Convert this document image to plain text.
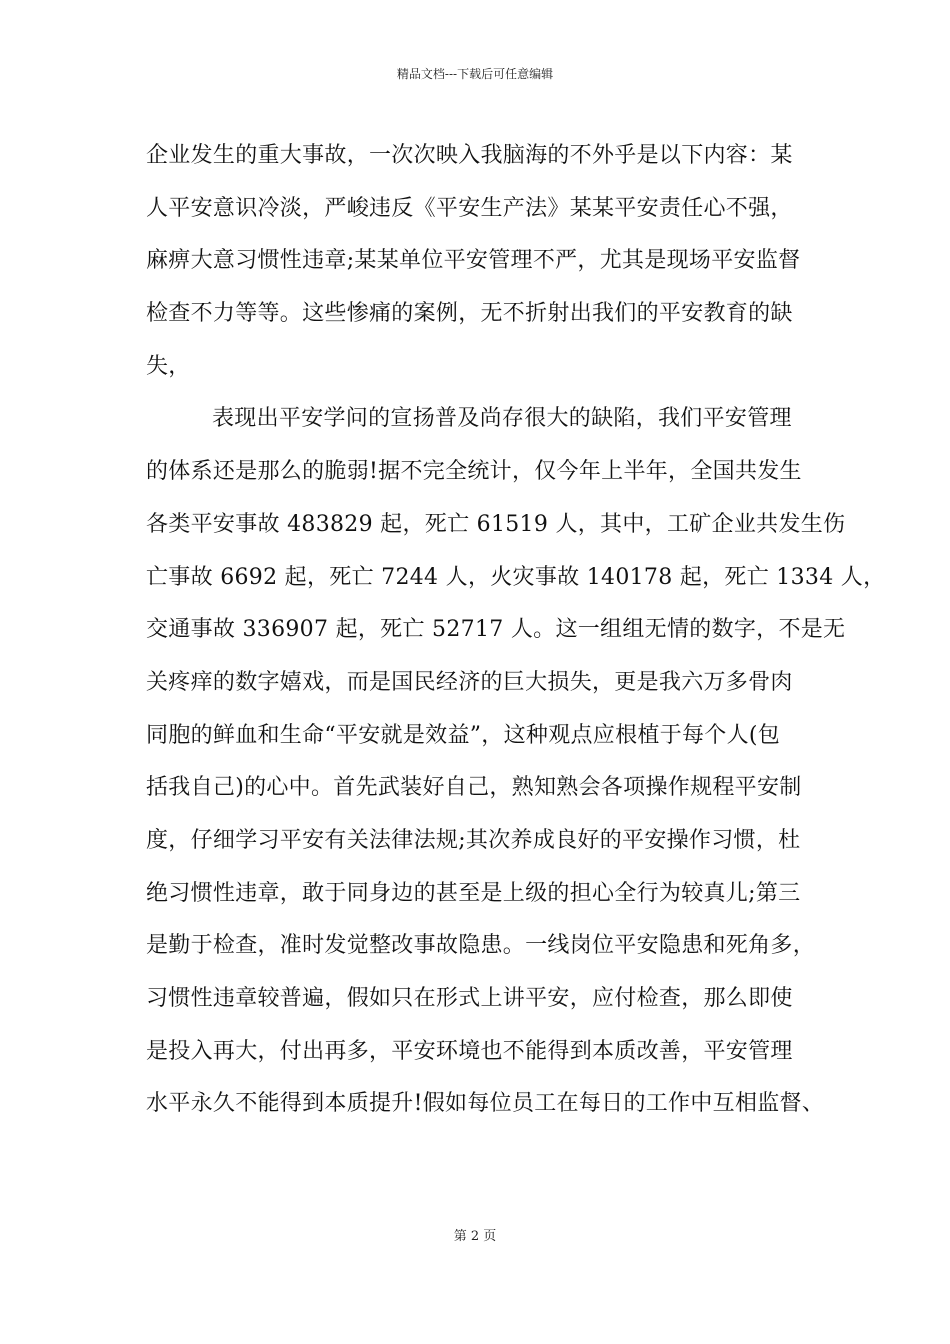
精品文档---下载后可任意编辑
企业发生的重大事故，一次次映入我脑海的不外乎是以下内容：某
人平安意识冷淡，严峻违反《平安生产法》某某平安责任心不强，
麻痹大意习惯性违章;某某单位平安管理不严，尤其是现场平安监督
检查不力等等。这些惨痛的案例，无不折射出我们的平安教育的缺
失，
表现出平安学问的宣扬普及尚存很大的缺陷，我们平安管理
的体系还是那么的脆弱!据不完全统计，仅今年上半年，全国共发生
各类平安事故 483829 起，死亡 61519 人，其中，工矿企业共发生伤
亡事故 6692 起，死亡 7244 人，火灾事故 140178 起，死亡 1334 人，
交通事故 336907 起，死亡 52717 人。这一组组无情的数字，不是无
关疼痒的数字嬉戏，而是国民经济的巨大损失，更是我六万多骨肉
同胞的鲜血和生命“平安就是效益”，这种观点应根植于每个人(包
括我自己)的心中。首先武装好自己，熟知熟会各项操作规程平安制
度，仔细学习平安有关法律法规;其次养成良好的平安操作习惯，杜
绝习惯性违章，敢于同身边的甚至是上级的担心全行为较真儿;第三
是勤于检查，准时发觉整改事故隐患。一线岗位平安隐患和死角多，
习惯性违章较普遍，假如只在形式上讲平安，应付检查，那么即使
是投入再大，付出再多，平安环境也不能得到本质改善，平安管理
水平永久不能得到本质提升!假如每位员工在每日的工作中互相监督、
第 2 页
